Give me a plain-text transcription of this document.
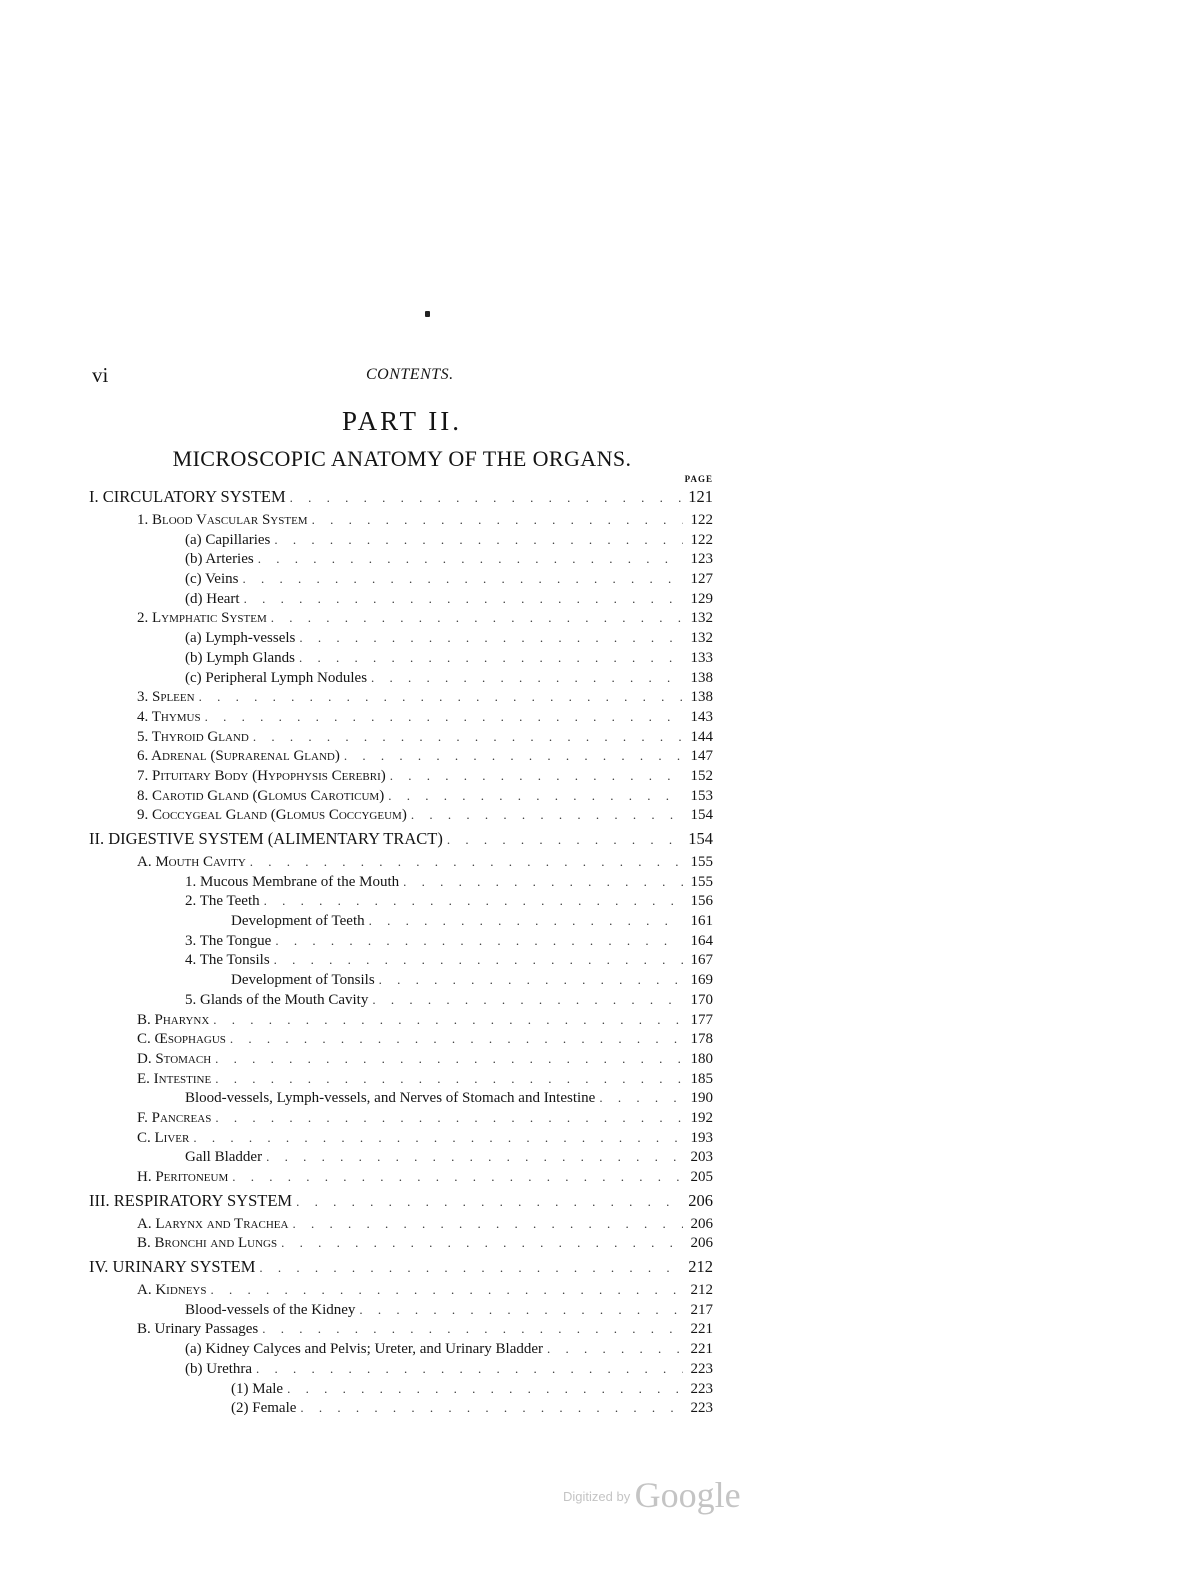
vi	CONTENTS.
PART II.
MICROSCOPIC ANATOMY OF THE ORGANS.
PAGE
I. CIRCULATORY SYSTEM . . .	121
1. Blood Vascular System . . .	122
(a) Capillaries . . .	122
(b) Arteries . . .	123
(c) Veins . . .	127
(d) Heart . . .	129
2. Lymphatic System . . .	132
(a) Lymph-vessels . . .	132
(b) Lymph Glands . . .	133
(c) Peripheral Lymph Nodules . . .	138
3. Spleen . . .	138
4. Thymus . . .	143
5. Thyroid Gland . . .	144
6. Adrenal (Suprarenal Gland) . . .	147
7. Pituitary Body (Hypophysis Cerebri) . . .	152
8. Carotid Gland (Glomus Caroticum) . . .	153
9. Coccygeal Gland (Glomus Coccygeum) . . .	154
II. DIGESTIVE SYSTEM (ALIMENTARY TRACT) . . .	154
A. Mouth Cavity . . .	155
1. Mucous Membrane of the Mouth . . .	155
2. The Teeth . . .	156
Development of Teeth . . .	161
3. The Tongue . . .	164
4. The Tonsils . . .	167
Development of Tonsils . . .	169
5. Glands of the Mouth Cavity . . .	170
B. Pharynx . . .	177
C. Œsophagus . . .	178
D. Stomach . . .	180
E. Intestine . . .	185
Blood-vessels, Lymph-vessels, and Nerves of Stomach and Intestine . . .	190
F. Pancreas . . .	192
C. Liver . . .	193
Gall Bladder . . .	203
H. Peritoneum . . .	205
III. RESPIRATORY SYSTEM . . .	206
A. Larynx and Trachea . . .	206
B. Bronchi and Lungs . . .	206
IV. URINARY SYSTEM . . .	212
A. Kidneys . . .	212
Blood-vessels of the Kidney . . .	217
B. Urinary Passages . . .	221
(a) Kidney Calyces and Pelvis; Ureter, and Urinary Bladder . . .	221
(b) Urethra . . .	223
(1) Male . . .	223
(2) Female . . .	223
$^{Digitized by}$ Google
